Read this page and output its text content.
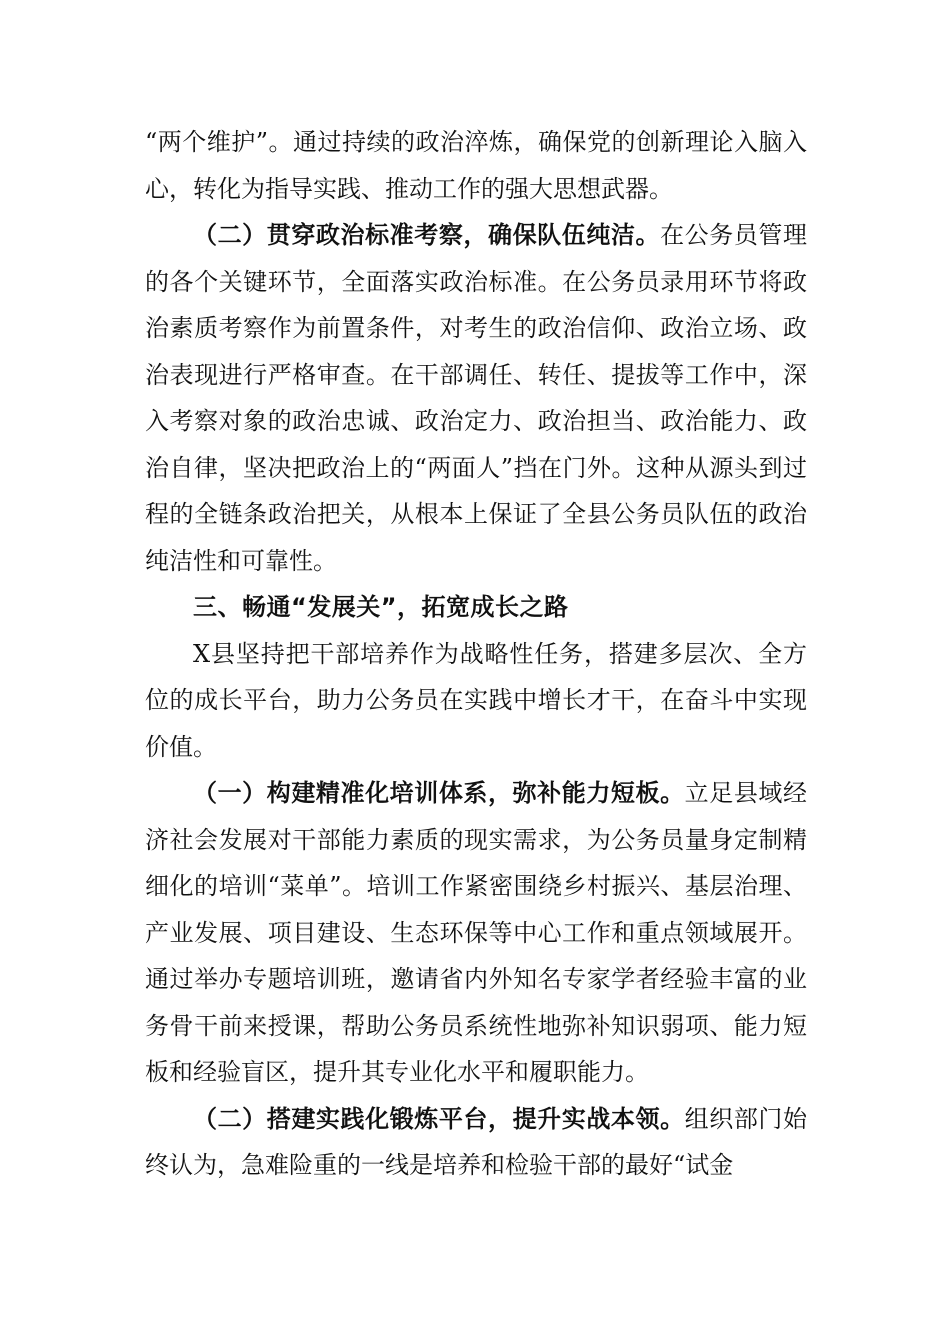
“两个维护”。通过持续的政治淬炼，确保党的创新理论入脑入心，转化为指导实践、推动工作的强大思想武器。

（二）贯穿政治标准考察，确保队伍纯洁。在公务员管理的各个关键环节，全面落实政治标准。在公务员录用环节将政治素质考察作为前置条件，对考生的政治信仰、政治立场、政治表现进行严格审查。在干部调任、转任、提拔等工作中，深入考察对象的政治忠诚、政治定力、政治担当、政治能力、政治自律，坚决把政治上的“两面人”挡在门外。这种从源头到过程的全链条政治把关，从根本上保证了全县公务员队伍的政治纯洁性和可靠性。

三、畅通“发展关”，拓宽成长之路

X县坚持把干部培养作为战略性任务，搭建多层次、全方位的成长平台，助力公务员在实践中增长才干，在奋斗中实现价值。

（一）构建精准化培训体系，弥补能力短板。立足县域经济社会发展对干部能力素质的现实需求，为公务员量身定制精细化的培训“菜单”。培训工作紧密围绕乡村振兴、基层治理、产业发展、项目建设、生态环保等中心工作和重点领域展开。通过举办专题培训班，邀请省内外知名专家学者经验丰富的业务骨干前来授课，帮助公务员系统性地弥补知识弱项、能力短板和经验盲区，提升其专业化水平和履职能力。

（二）搭建实践化锻炼平台，提升实战本领。组织部门始终认为，急难险重的一线是培养和检验干部的最好“试金
